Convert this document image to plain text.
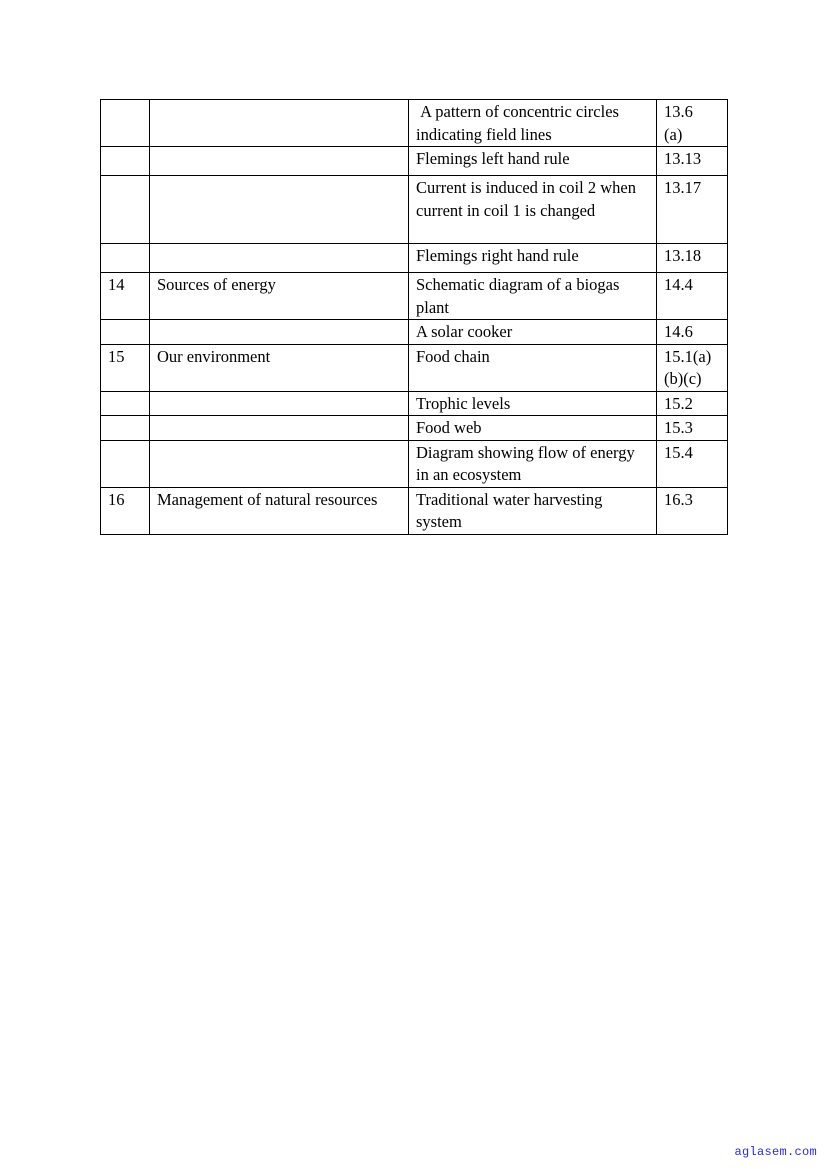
		A pattern of concentric circles indicating field lines	13.6 (a)
		Flemings left hand rule	13.13
		Current is induced in coil 2 when current in coil 1 is changed	13.17
		Flemings right hand rule	13.18
14	Sources of energy	Schematic diagram of a biogas plant	14.4
		A solar cooker	14.6
15	Our environment	Food chain	15.1(a)(b)(c)
		Trophic levels	15.2
		Food web	15.3
		Diagram showing flow of energy in an ecosystem	15.4
16	Management of natural resources	Traditional water harvesting system	16.3
aglasem.com
